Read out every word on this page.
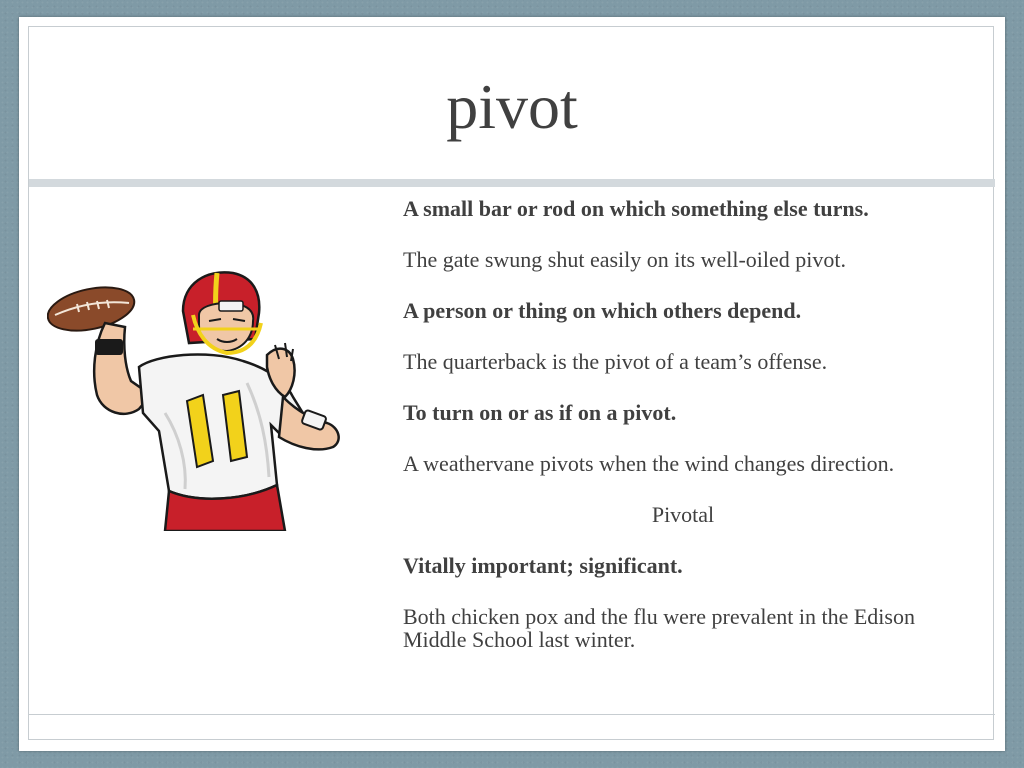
pivot

A small bar or rod on which something else turns.

The gate swung shut easily on its well-oiled pivot.

A person or thing on which others depend.

The quarterback is the pivot of a team’s offense.

To turn on or as if on a pivot.

A weathervane pivots when the wind changes direction.

Pivotal

Vitally important; significant.

Both chicken pox and the flu were prevalent in the Edison Middle School last winter.
